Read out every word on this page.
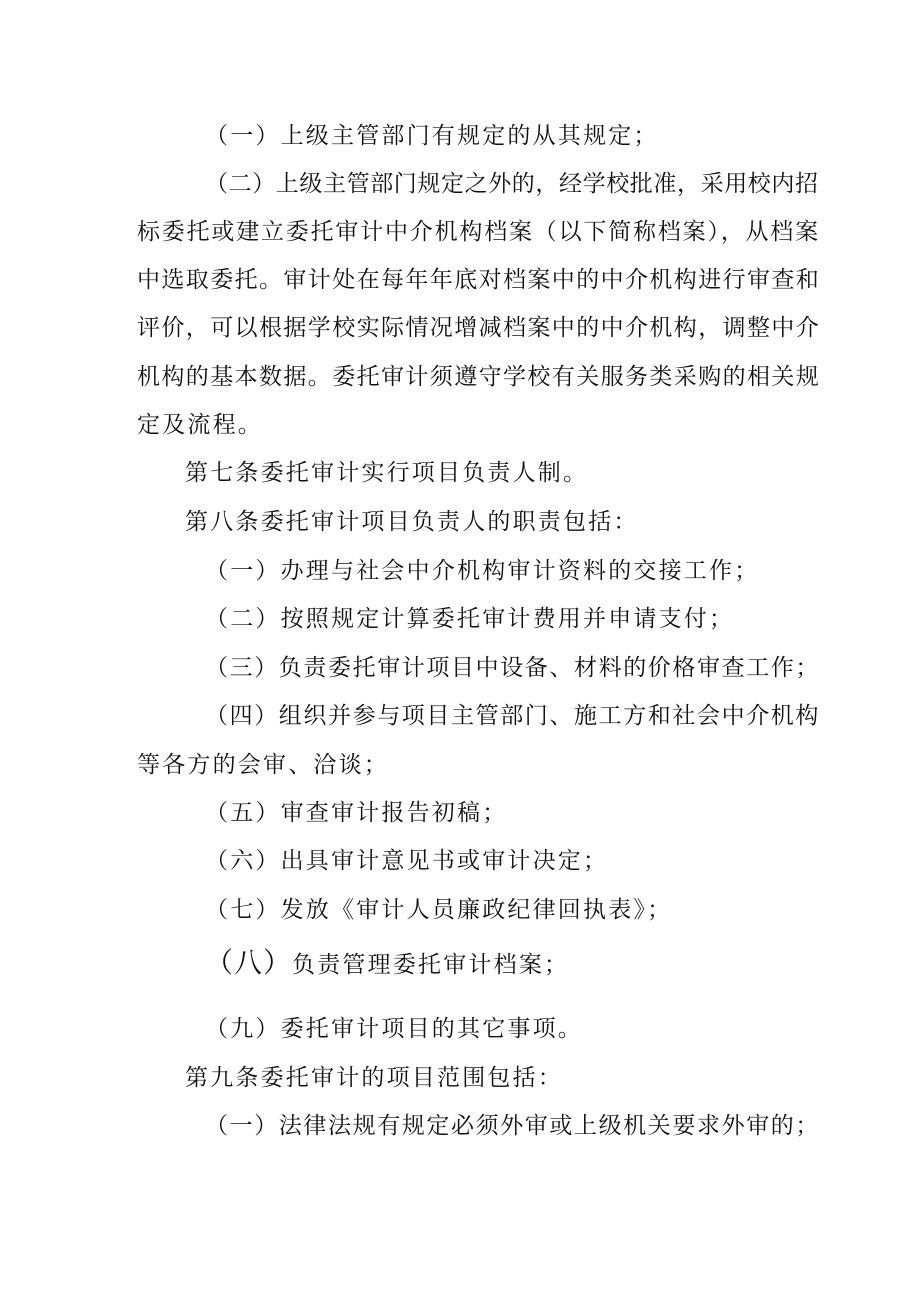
（一）上级主管部门有规定的从其规定；
（二）上级主管部门规定之外的，经学校批准，采用校内招
标委托或建立委托审计中介机构档案（以下简称档案），从档案
中选取委托。审计处在每年年底对档案中的中介机构进行审查和
评价，可以根据学校实际情况增减档案中的中介机构，调整中介
机构的基本数据。委托审计须遵守学校有关服务类采购的相关规
定及流程。
第七条委托审计实行项目负责人制。
第八条委托审计项目负责人的职责包括：
（一）办理与社会中介机构审计资料的交接工作；
（二）按照规定计算委托审计费用并申请支付；
（三）负责委托审计项目中设备、材料的价格审查工作；
（四）组织并参与项目主管部门、施工方和社会中介机构
等各方的会审、洽谈；
（五）审查审计报告初稿；
（六）出具审计意见书或审计决定；
（七）发放《审计人员廉政纪律回执表》；
（八）负责管理委托审计档案；
（九）委托审计项目的其它事项。
第九条委托审计的项目范围包括：
（一）法律法规有规定必须外审或上级机关要求外审的；
